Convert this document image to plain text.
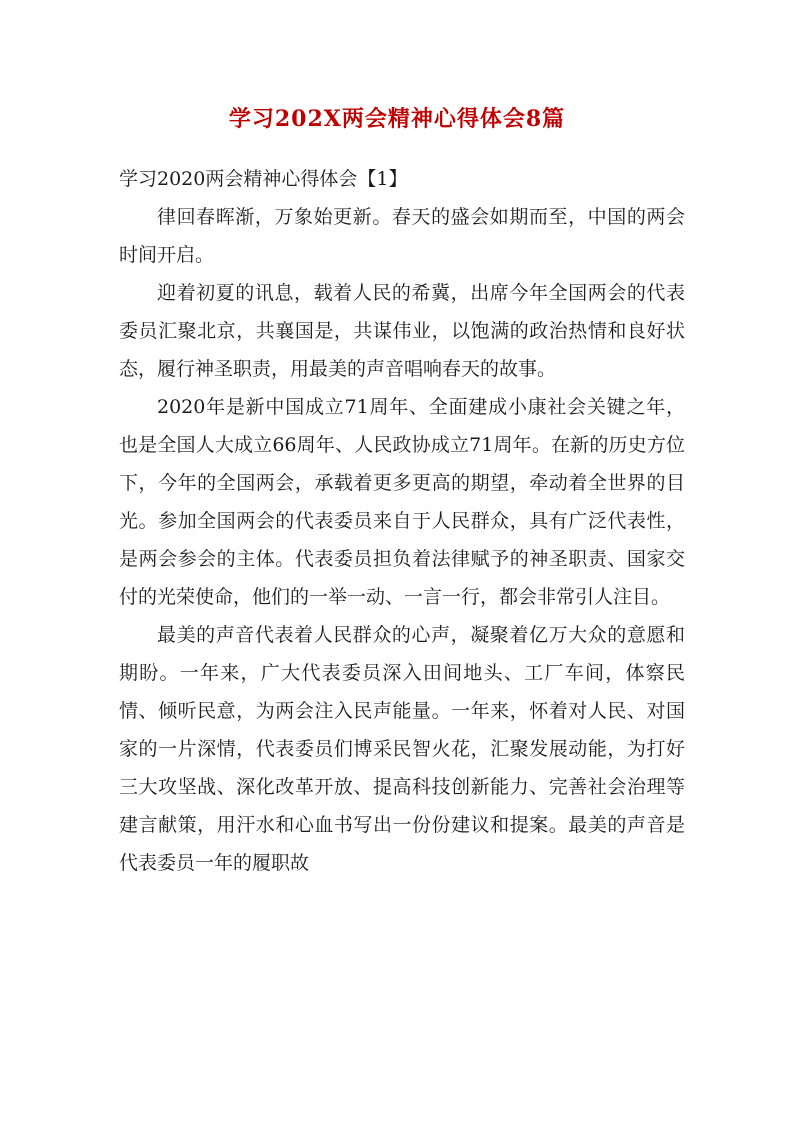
学习202X两会精神心得体会8篇

学习2020两会精神心得体会【1】

律回春晖渐，万象始更新。春天的盛会如期而至，中国的两会时间开启。

迎着初夏的讯息，载着人民的希冀，出席今年全国两会的代表委员汇聚北京，共襄国是，共谋伟业，以饱满的政治热情和良好状态，履行神圣职责，用最美的声音唱响春天的故事。

2020年是新中国成立71周年、全面建成小康社会关键之年，也是全国人大成立66周年、人民政协成立71周年。在新的历史方位下，今年的全国两会，承载着更多更高的期望，牵动着全世界的目光。参加全国两会的代表委员来自于人民群众，具有广泛代表性，是两会参会的主体。代表委员担负着法律赋予的神圣职责、国家交付的光荣使命，他们的一举一动、一言一行，都会非常引人注目。

最美的声音代表着人民群众的心声，凝聚着亿万大众的意愿和期盼。一年来，广大代表委员深入田间地头、工厂车间，体察民情、倾听民意，为两会注入民声能量。一年来，怀着对人民、对国家的一片深情，代表委员们博采民智火花，汇聚发展动能，为打好三大攻坚战、深化改革开放、提高科技创新能力、完善社会治理等建言献策，用汗水和心血书写出一份份建议和提案。最美的声音是代表委员一年的履职故
